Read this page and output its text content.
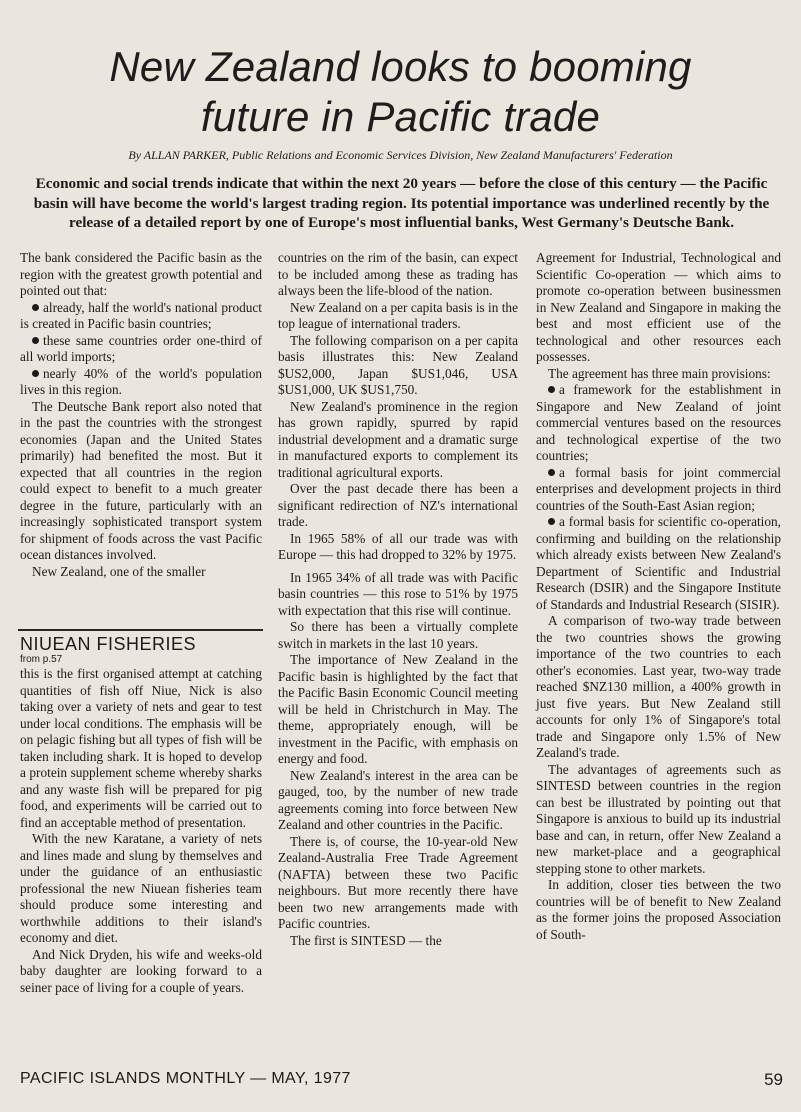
New Zealand looks to booming
future in Pacific trade
By ALLAN PARKER, Public Relations and Economic Services Division, New Zealand Manufacturers' Federation
Economic and social trends indicate that within the next 20 years — before the close of this century — the Pacific basin will have become the world's largest trading region. Its potential importance was underlined recently by the release of a detailed report by one of Europe's most influential banks, West Germany's Deutsche Bank.

The bank considered the Pacific basin as the region with the greatest growth potential and pointed out that:

already, half the world's national product is created in Pacific basin countries;

these same countries order one-third of all world imports;

nearly 40% of the world's population lives in this region.

The Deutsche Bank report also noted that in the past the countries with the strongest economies (Japan and the United States primarily) had benefited the most. But it expected that all countries in the region could expect to benefit to a much greater degree in the future, particularly with an increasingly sophisticated transport system for shipment of foods across the vast Pacific ocean distances involved.

New Zealand, one of the smaller

NIUEAN FISHERIES
from p.57

this is the first organised attempt at catching quantities of fish off Niue, Nick is also taking over a variety of nets and gear to test under local conditions. The emphasis will be on pelagic fishing but all types of fish will be taken including shark. It is hoped to develop a protein supplement scheme whereby sharks and any waste fish will be prepared for pig food, and experiments will be carried out to find an acceptable method of presentation.

With the new Karatane, a variety of nets and lines made and slung by themselves and under the guidance of an enthusiastic professional the new Niuean fisheries team should produce some interesting and worthwhile additions to their island's economy and diet.

And Nick Dryden, his wife and weeks-old baby daughter are looking forward to a seiner pace of living for a couple of years.

countries on the rim of the basin, can expect to be included among these as trading has always been the life-blood of the nation.

New Zealand on a per capita basis is in the top league of international traders.

The following comparison on a per capita basis illustrates this: New Zealand $US2,000, Japan $US1,046, USA $US1,000, UK $US1,750.

New Zealand's prominence in the region has grown rapidly, spurred by rapid industrial development and a dramatic surge in manufactured exports to complement its traditional agricultural exports.

Over the past decade there has been a significant redirection of NZ's international trade.

In 1965 58% of all our trade was with Europe — this had dropped to 32% by 1975.

In 1965 34% of all trade was with Pacific basin countries — this rose to 51% by 1975 with expectation that this rise will continue.

So there has been a virtually complete switch in markets in the last 10 years.

The importance of New Zealand in the Pacific basin is highlighted by the fact that the Pacific Basin Economic Council meeting will be held in Christchurch in May. The theme, appropriately enough, will be investment in the Pacific, with emphasis on energy and food.

New Zealand's interest in the area can be gauged, too, by the number of new trade agreements coming into force between New Zealand and other countries in the Pacific.

There is, of course, the 10-year-old New Zealand-Australia Free Trade Agreement (NAFTA) between these two Pacific neighbours. But more recently there have been two new arrangements made with Pacific countries.

The first is SINTESD — the

Agreement for Industrial, Technological and Scientific Co-operation — which aims to promote co-operation between businessmen in New Zealand and Singapore in making the best and most efficient use of the technological and other resources each possesses.

The agreement has three main provisions:

a framework for the establishment in Singapore and New Zealand of joint commercial ventures based on the resources and technological expertise of the two countries;

a formal basis for joint commercial enterprises and development projects in third countries of the South-East Asian region;

a formal basis for scientific co-operation, confirming and building on the relationship which already exists between New Zealand's Department of Scientific and Industrial Research (DSIR) and the Singapore Institute of Standards and Industrial Research (SISIR).

A comparison of two-way trade between the two countries shows the growing importance of the two countries to each other's economies. Last year, two-way trade reached $NZ130 million, a 400% growth in just five years. But New Zealand still accounts for only 1% of Singapore's total trade and Singapore only 1.5% of New Zealand's trade.

The advantages of agreements such as SINTESD between countries in the region can best be illustrated by pointing out that Singapore is anxious to build up its industrial base and can, in return, offer New Zealand a new market-place and a geographical stepping stone to other markets.

In addition, closer ties between the two countries will be of benefit to New Zealand as the former joins the proposed Association of South-

PACIFIC ISLANDS MONTHLY — MAY, 1977	59
